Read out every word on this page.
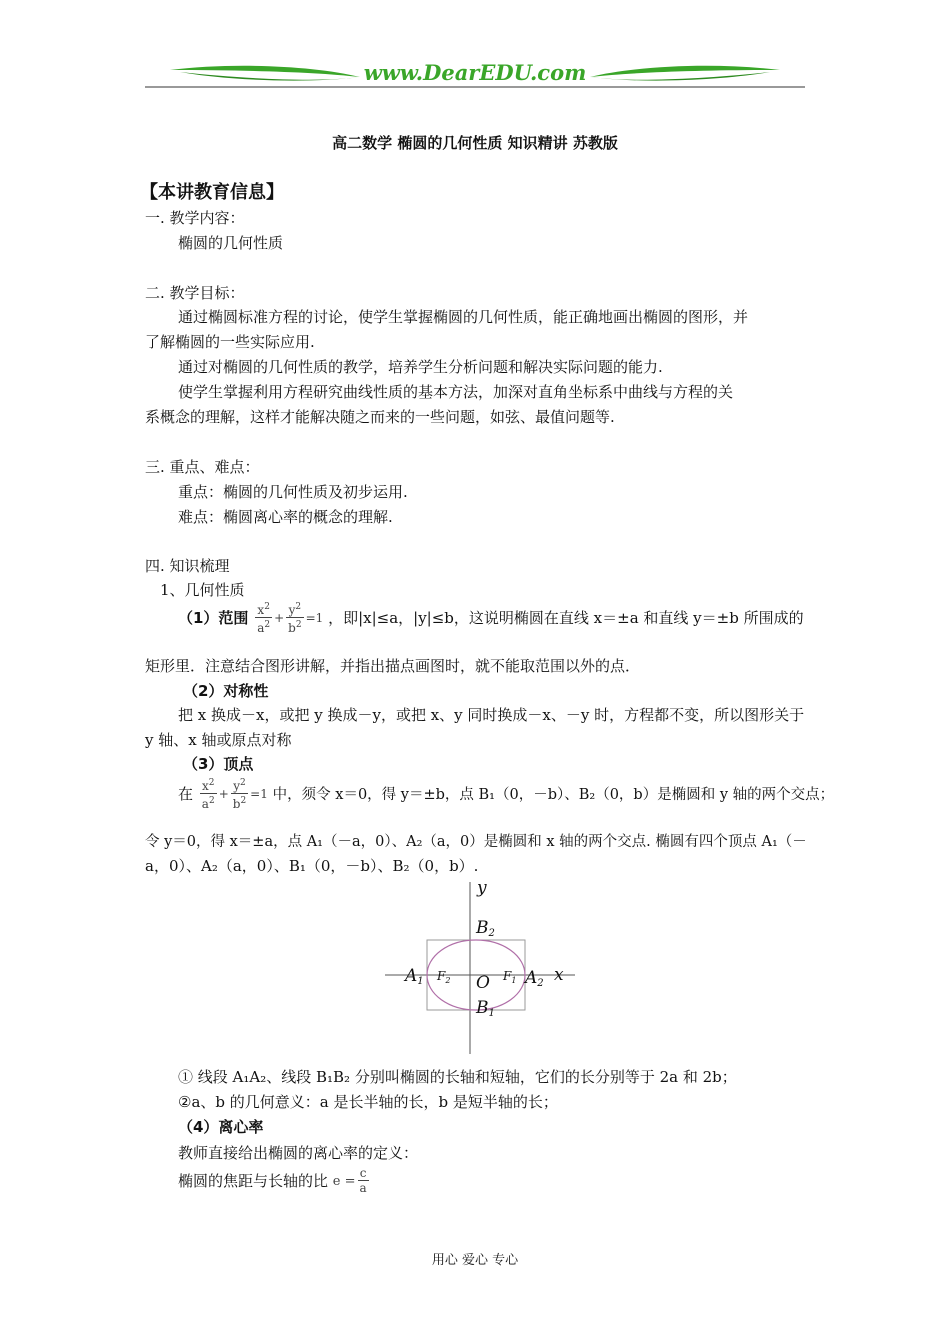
www.DearEDU.com
高二数学 椭圆的几何性质 知识精讲 苏教版
【本讲教育信息】
一. 教学内容：
椭圆的几何性质
二. 教学目标：
通过椭圆标准方程的讨论，使学生掌握椭圆的几何性质，能正确地画出椭圆的图形，并
了解椭圆的一些实际应用.
通过对椭圆的几何性质的教学，培养学生分析问题和解决实际问题的能力.
使学生掌握利用方程研究曲线性质的基本方法，加深对直角坐标系中曲线与方程的关
系概念的理解，这样才能解决随之而来的一些问题，如弦、最值问题等.
三. 重点、难点：
重点：椭圆的几何性质及初步运用.
难点：椭圆离心率的概念的理解.
四. 知识梳理
1、几何性质
（1）范围 $\frac{x^2}{a^2} + \frac{y^2}{b^2} =1$ ，即|x|≤a，|y|≤b，这说明椭圆在直线 x＝±a 和直线 y＝±b 所围成的
矩形里．注意结合图形讲解，并指出描点画图时，就不能取范围以外的点．
（2）对称性
把 x 换成－x，或把 y 换成－y，或把 x、y 同时换成－x、－y 时，方程都不变，所以图形关于
y 轴、x 轴或原点对称
（3）顶点
在 $\frac{x^2}{a^2} + \frac{y^2}{b^2} =1$ 中，须令 x＝0，得 y＝±b，点 B₁（0，－b）、B₂（0，b）是椭圆和 y 轴的两个交点；
令 y＝0，得 x＝±a，点 A₁（－a，0）、A₂（a，0）是椭圆和 x 轴的两个交点. 椭圆有四个顶点 A₁（－
a，0）、A₂（a，0）、B₁（0，－b）、B₂（0，b）.
y
$B_2$
$A_1$ $F_2$ O $F_1$ $A_2$ x
$B_1$
① 线段 A₁A₂、线段 B₁B₂ 分别叫椭圆的长轴和短轴，它们的长分别等于 2a 和 2b；
②a、b 的几何意义：a 是长半轴的长，b 是短半轴的长；
（4）离心率
教师直接给出椭圆的离心率的定义：
椭圆的焦距与长轴的比 $e = \frac{c}{a}$
用心 爱心 专心
